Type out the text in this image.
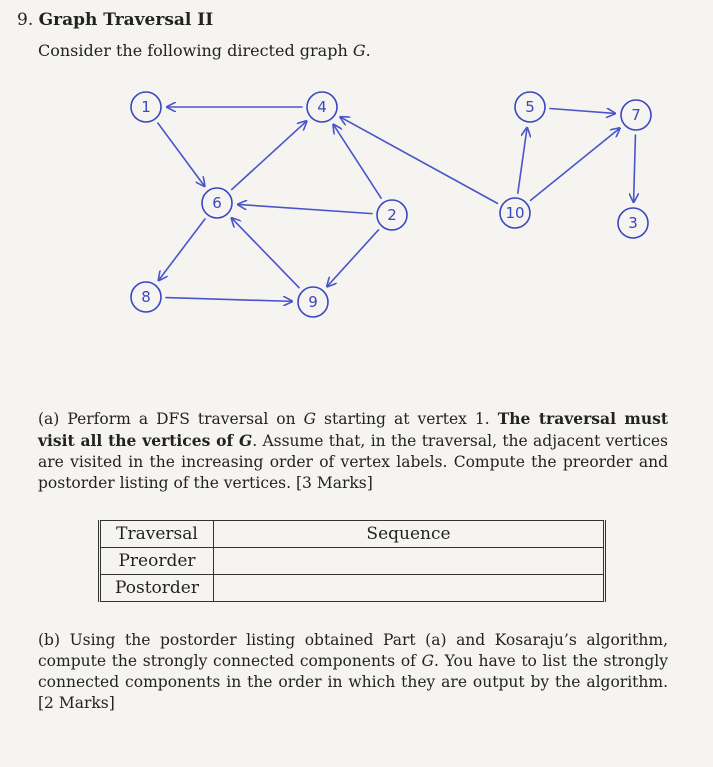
9. Graph Traversal II
Consider the following directed graph G.
1	4	5	7
6
2	10
3
8	9
(a) Perform a DFS traversal on G starting at vertex 1. The traversal must visit all the vertices of G. Assume that, in the traversal, the adjacent vertices are visited in the increasing order of vertex labels. Compute the preorder and postorder listing of the vertices. [3 Marks]
Traversal	Sequence
Preorder	
Postorder	
(b) Using the postorder listing obtained Part (a) and Kosaraju’s algorithm, compute the strongly connected components of G. You have to list the strongly connected components in the order in which they are output by the algorithm. [2 Marks]
